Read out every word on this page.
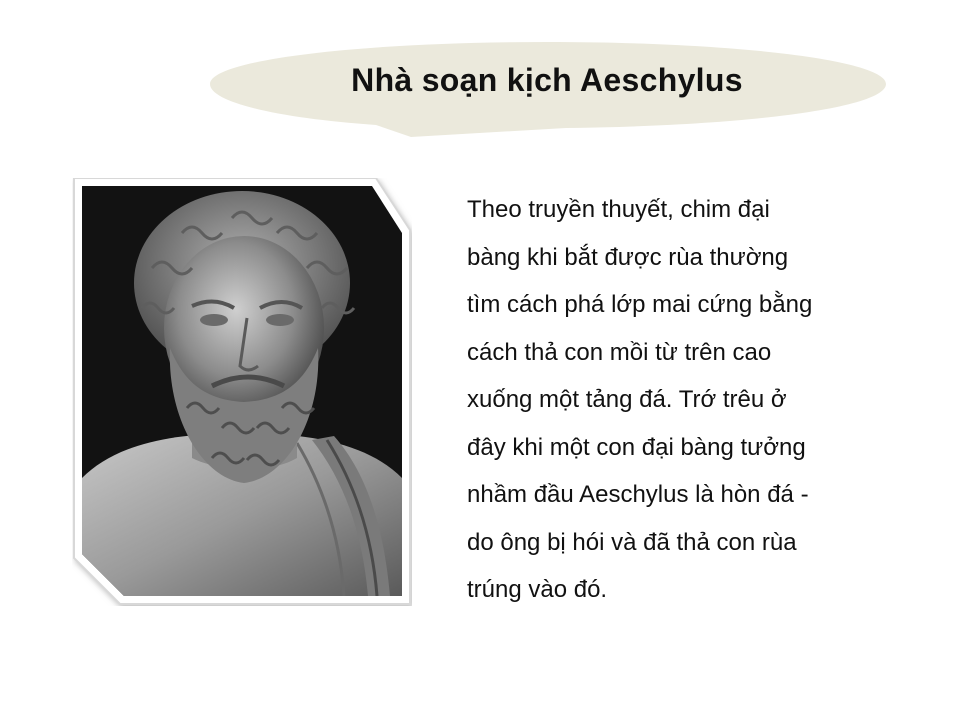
Nhà soạn kịch Aeschylus
Theo truyền thuyết, chim đại
bàng khi bắt được rùa thường
tìm cách phá lớp mai cứng bằng
cách thả con mồi từ trên cao
xuống một tảng đá. Trớ trêu ở
đây khi một con đại bàng tưởng
nhầm đầu Aeschylus là hòn đá -
do ông bị hói và đã thả con rùa
trúng vào đó.
